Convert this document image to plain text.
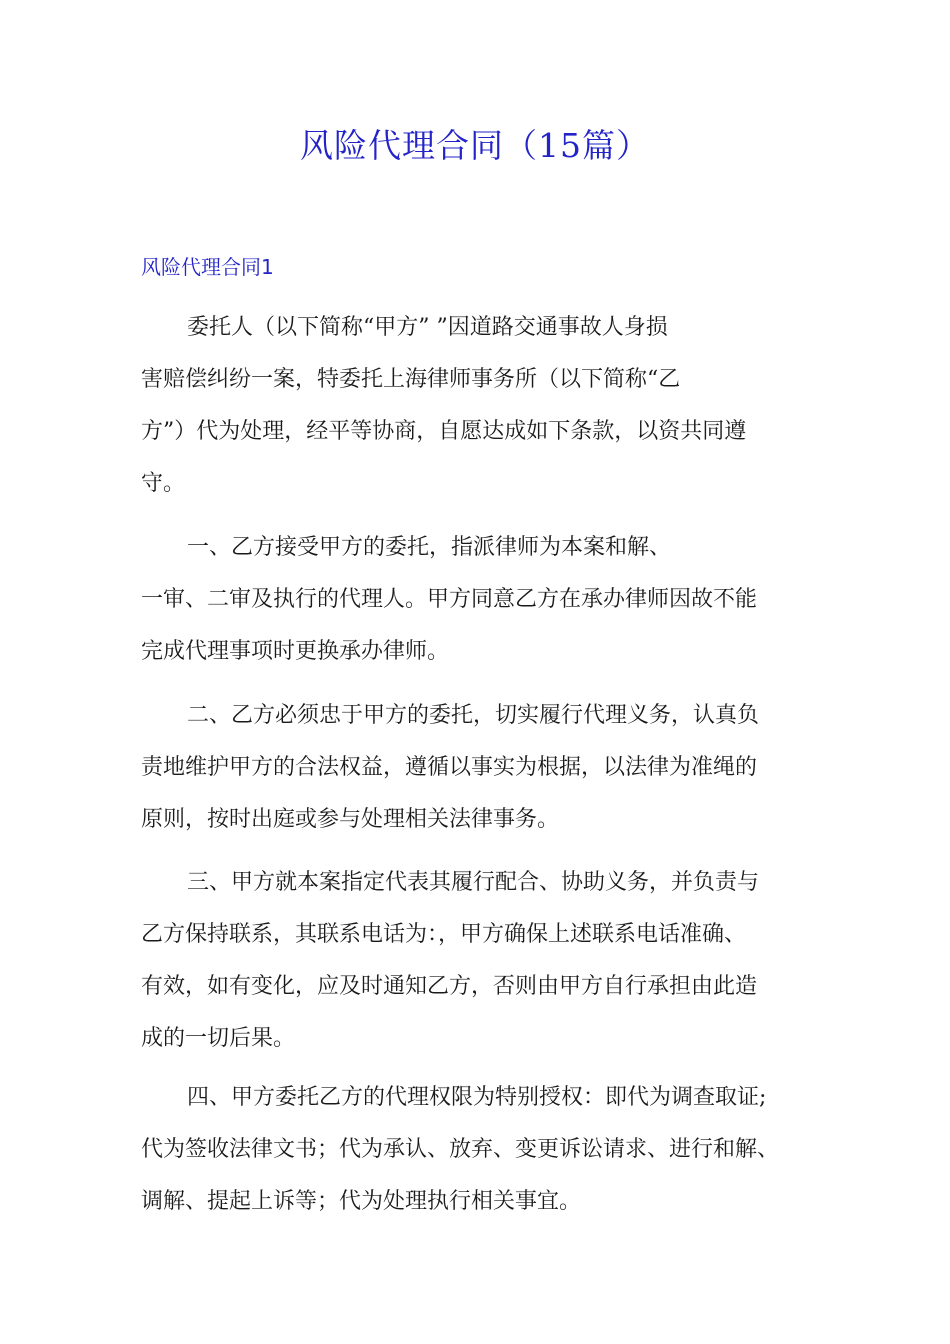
风险代理合同（15篇）
风险代理合同1
委托人（以下简称“甲方” ”因道路交通事故人身损
害赔偿纠纷一案，特委托上海律师事务所（以下简称“乙
方”）代为处理，经平等协商，自愿达成如下条款，以资共同遵
守。
一、乙方接受甲方的委托，指派律师为本案和解、
一审、二审及执行的代理人。甲方同意乙方在承办律师因故不能
完成代理事项时更换承办律师。
二、乙方必须忠于甲方的委托，切实履行代理义务，认真负
责地维护甲方的合法权益，遵循以事实为根据，以法律为准绳的
原则，按时出庭或参与处理相关法律事务。
三、甲方就本案指定代表其履行配合、协助义务，并负责与
乙方保持联系，其联系电话为：，甲方确保上述联系电话准确、
有效，如有变化，应及时通知乙方，否则由甲方自行承担由此造
成的一切后果。
四、甲方委托乙方的代理权限为特别授权：即代为调查取证;
代为签收法律文书；代为承认、放弃、变更诉讼请求、进行和解、
调解、提起上诉等；代为处理执行相关事宜。
